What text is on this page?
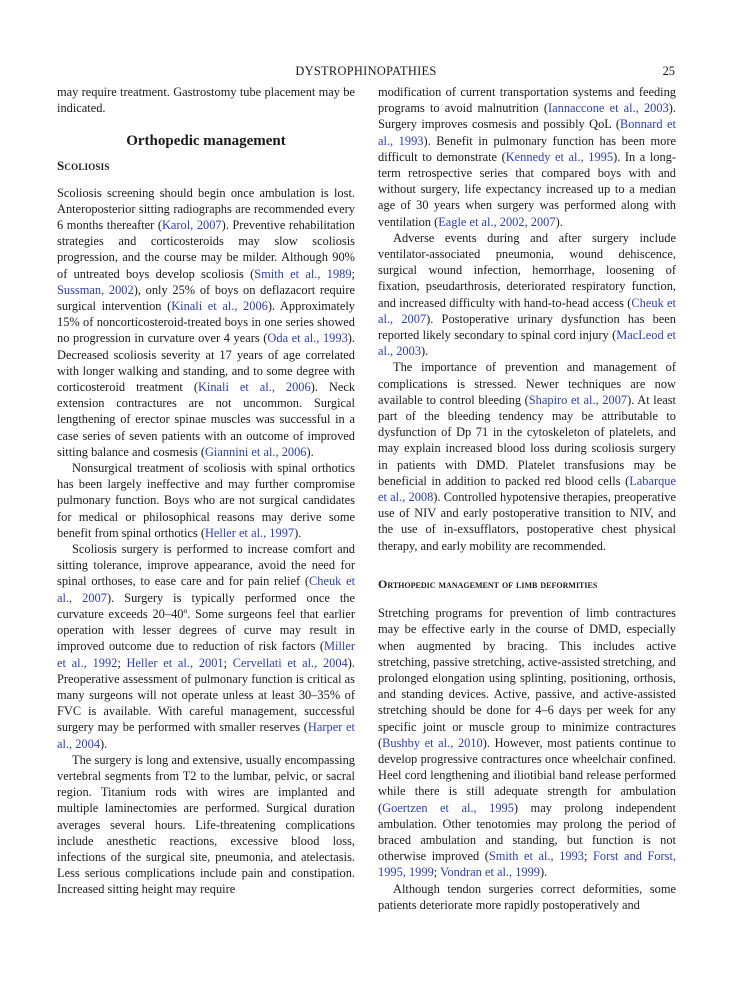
DYSTROPHINOPATHIES	25

may require treatment. Gastrostomy tube placement may be indicated.

Orthopedic management
Scoliosis

Scoliosis screening should begin once ambulation is lost. Anteroposterior sitting radiographs are recommended every 6 months thereafter (Karol, 2007). Preventive rehabilitation strategies and corticosteroids may slow scoliosis progression, and the course may be milder. Although 90% of untreated boys develop scoliosis (Smith et al., 1989; Sussman, 2002), only 25% of boys on deflazacort require surgical intervention (Kinali et al., 2006). Approximately 15% of noncorticosteroid-treated boys in one series showed no progression in curvature over 4 years (Oda et al., 1993). Decreased scoliosis severity at 17 years of age correlated with longer walking and standing, and to some degree with corticosteroid treatment (Kinali et al., 2006). Neck extension contractures are not uncommon. Surgical lengthening of erector spinae muscles was successful in a case series of seven patients with an outcome of improved sitting balance and cosmesis (Giannini et al., 2006).

Nonsurgical treatment of scoliosis with spinal orthotics has been largely ineffective and may further compromise pulmonary function. Boys who are not surgical candidates for medical or philosophical reasons may derive some benefit from spinal orthotics (Heller et al., 1997).

Scoliosis surgery is performed to increase comfort and sitting tolerance, improve appearance, avoid the need for spinal orthoses, to ease care and for pain relief (Cheuk et al., 2007). Surgery is typically performed once the curvature exceeds 20–40º. Some surgeons feel that earlier operation with lesser degrees of curve may result in improved outcome due to reduction of risk factors (Miller et al., 1992; Heller et al., 2001; Cervellati et al., 2004). Preoperative assessment of pulmonary function is critical as many surgeons will not operate unless at least 30–35% of FVC is available. With careful management, successful surgery may be performed with smaller reserves (Harper et al., 2004).

The surgery is long and extensive, usually encompassing vertebral segments from T2 to the lumbar, pelvic, or sacral region. Titanium rods with wires are implanted and multiple laminectomies are performed. Surgical duration averages several hours. Life-threatening complications include anesthetic reactions, excessive blood loss, infections of the surgical site, pneumonia, and atelectasis. Less serious complications include pain and constipation. Increased sitting height may require

modification of current transportation systems and feeding programs to avoid malnutrition (Iannaccone et al., 2003). Surgery improves cosmesis and possibly QoL (Bonnard et al., 1993). Benefit in pulmonary function has been more difficult to demonstrate (Kennedy et al., 1995). In a long-term retrospective series that compared boys with and without surgery, life expectancy increased up to a median age of 30 years when surgery was performed along with ventilation (Eagle et al., 2002, 2007).

Adverse events during and after surgery include ventilator-associated pneumonia, wound dehiscence, surgical wound infection, hemorrhage, loosening of fixation, pseudarthrosis, deteriorated respiratory function, and increased difficulty with hand-to-head access (Cheuk et al., 2007). Postoperative urinary dysfunction has been reported likely secondary to spinal cord injury (MacLeod et al., 2003).

The importance of prevention and management of complications is stressed. Newer techniques are now available to control bleeding (Shapiro et al., 2007). At least part of the bleeding tendency may be attributable to dysfunction of Dp 71 in the cytoskeleton of platelets, and may explain increased blood loss during scoliosis surgery in patients with DMD. Platelet transfusions may be beneficial in addition to packed red blood cells (Labarque et al., 2008). Controlled hypotensive therapies, preoperative use of NIV and early postoperative transition to NIV, and the use of in-exsufflators, postoperative chest physical therapy, and early mobility are recommended.

Orthopedic management of limb deformities

Stretching programs for prevention of limb contractures may be effective early in the course of DMD, especially when augmented by bracing. This includes active stretching, passive stretching, active-assisted stretching, and prolonged elongation using splinting, positioning, orthosis, and standing devices. Active, passive, and active-assisted stretching should be done for 4–6 days per week for any specific joint or muscle group to minimize contractures (Bushby et al., 2010). However, most patients continue to develop progressive contractures once wheelchair confined. Heel cord lengthening and iliotibial band release performed while there is still adequate strength for ambulation (Goertzen et al., 1995) may prolong independent ambulation. Other tenotomies may prolong the period of braced ambulation and standing, but function is not otherwise improved (Smith et al., 1993; Forst and Forst, 1995, 1999; Vondran et al., 1999).

Although tendon surgeries correct deformities, some patients deteriorate more rapidly postoperatively and
